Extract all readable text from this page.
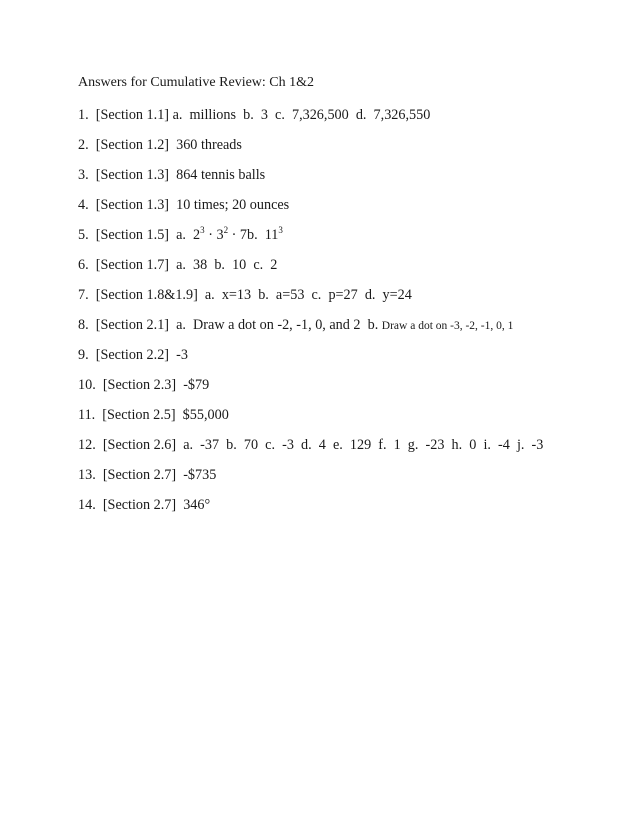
Answers for Cumulative Review: Ch 1&2
1.  [Section 1.1] a.  millions  b.  3  c.  7,326,500  d.  7,326,550
2.  [Section 1.2]  360 threads
3.  [Section 1.3]  864 tennis balls
4.  [Section 1.3]  10 times; 20 ounces
5.  [Section 1.5]  a.  $2^3 \cdot 3^2 \cdot 7b$.  $11^3$
6.  [Section 1.7]  a.  38  b.  10  c.  2
7.  [Section 1.8&1.9]  a.  x=13  b.  a=53  c.  p=27  d.  y=24
8.  [Section 2.1]  a.  Draw a dot on -2, -1, 0, and 2  b. Draw a dot on -3, -2, -1, 0, 1
9.  [Section 2.2]  -3
10.  [Section 2.3]  -$79
11.  [Section 2.5]  $55,000
12.  [Section 2.6]  a.  -37  b.  70  c.  -3  d.  4  e.  129  f.  1  g.  -23  h.  0  i.  -4  j.  -3
13.  [Section 2.7]  -$735
14.  [Section 2.7]  346°
